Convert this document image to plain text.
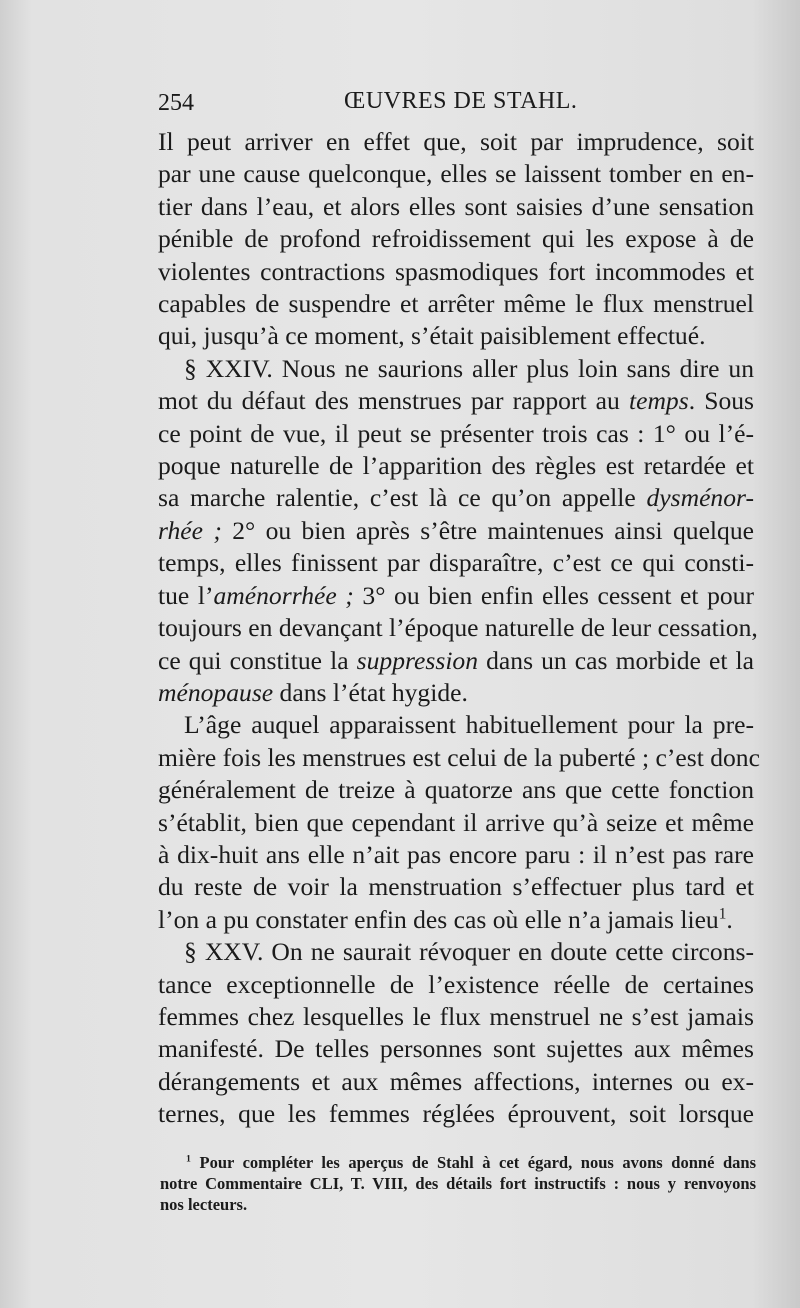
254	ŒUVRES DE STAHL.
Il peut arriver en effet que, soit par imprudence, soit
par une cause quelconque, elles se laissent tomber en en-
tier dans l’eau, et alors elles sont saisies d’une sensation
pénible de profond refroidissement qui les expose à de
violentes contractions spasmodiques fort incommodes et
capables de suspendre et arrêter même le flux menstruel
qui, jusqu’à ce moment, s’était paisiblement effectué.
§ XXIV. Nous ne saurions aller plus loin sans dire un
mot du défaut des menstrues par rapport au temps. Sous
ce point de vue, il peut se présenter trois cas : 1° ou l’é-
poque naturelle de l’apparition des règles est retardée et
sa marche ralentie, c’est là ce qu’on appelle dysménor-
rhée ; 2° ou bien après s’être maintenues ainsi quelque
temps, elles finissent par disparaître, c’est ce qui consti-
tue l’aménorrhée ; 3° ou bien enfin elles cessent et pour
toujours en devançant l’époque naturelle de leur cessation,
ce qui constitue la suppression dans un cas morbide et la
ménopause dans l’état hygide.
L’âge auquel apparaissent habituellement pour la pre-
mière fois les menstrues est celui de la puberté ; c’est donc
généralement de treize à quatorze ans que cette fonction
s’établit, bien que cependant il arrive qu’à seize et même
à dix-huit ans elle n’ait pas encore paru : il n’est pas rare
du reste de voir la menstruation s’effectuer plus tard et
l’on a pu constater enfin des cas où elle n’a jamais lieu$^1$.
§ XXV. On ne saurait révoquer en doute cette circons-
tance exceptionnelle de l’existence réelle de certaines
femmes chez lesquelles le flux menstruel ne s’est jamais
manifesté. De telles personnes sont sujettes aux mêmes
dérangements et aux mêmes affections, internes ou ex-
ternes, que les femmes réglées éprouvent, soit lorsque
$^1$ Pour compléter les aperçus de Stahl à cet égard, nous avons donné dans
notre Commentaire CLI, T. VIII, des détails fort instructifs : nous y renvoyons
nos lecteurs.
